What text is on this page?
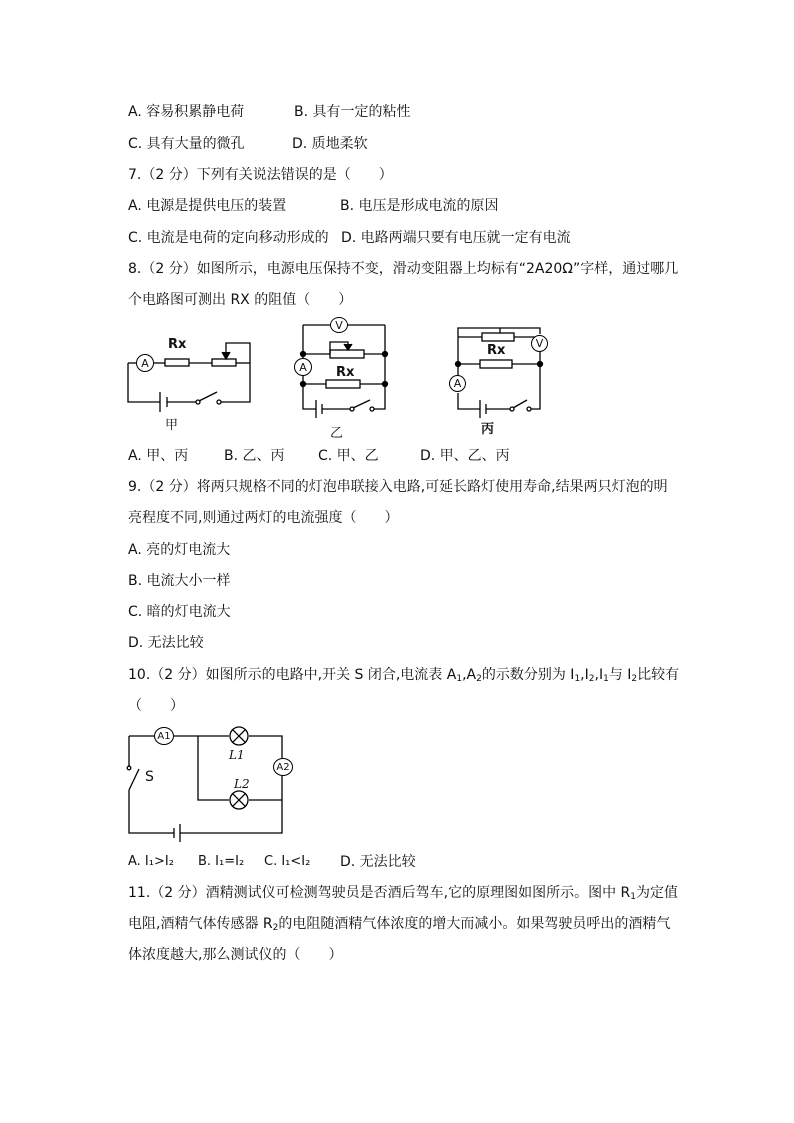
A. 容易积累静电荷	B. 具有一定的粘性
C. 具有大量的微孔	D. 质地柔软
7.（2 分）下列有关说法错误的是（　　）
A. 电源是提供电压的装置	B. 电压是形成电流的原因
C. 电流是电荷的定向移动形成的 D. 电路两端只要有电压就一定有电流
8.（2 分）如图所示，电源电压保持不变，滑动变阻器上均标有“2A20Ω”字样，通过哪几
个电路图可测出 RX 的阻值（　　）
A
Rx
甲
V
A	Rx
乙
V
A
Rx
丙
A. 甲、丙	B. 乙、丙 C. 甲、乙	D. 甲、乙、丙
9.（2 分）将两只规格不同的灯泡串联接入电路,可延长路灯使用寿命,结果两只灯泡的明
亮程度不同,则通过两灯的电流强度（　　）
A. 亮的灯电流大
B. 电流大小一样
C. 暗的灯电流大
D. 无法比较
10.（2 分）如图所示的电路中,开关 S 闭合,电流表 $A_1,A_2$的示数分别为 $I_1,I_2,I_1$与 $I_2$比较有
（　　）
A1
A2
L1
L2
S
A. I₁>I₂ B. I₁=I₂ C. I₁<I₂ D. 无法比较
11.（2 分）酒精测试仪可检测驾驶员是否酒后驾车,它的原理图如图所示。图中 $R_1$为定值
电阻,酒精气体传感器 $R_2$的电阻随酒精气体浓度的增大而减小。如果驾驶员呼出的酒精气
体浓度越大,那么测试仪的（　　）
